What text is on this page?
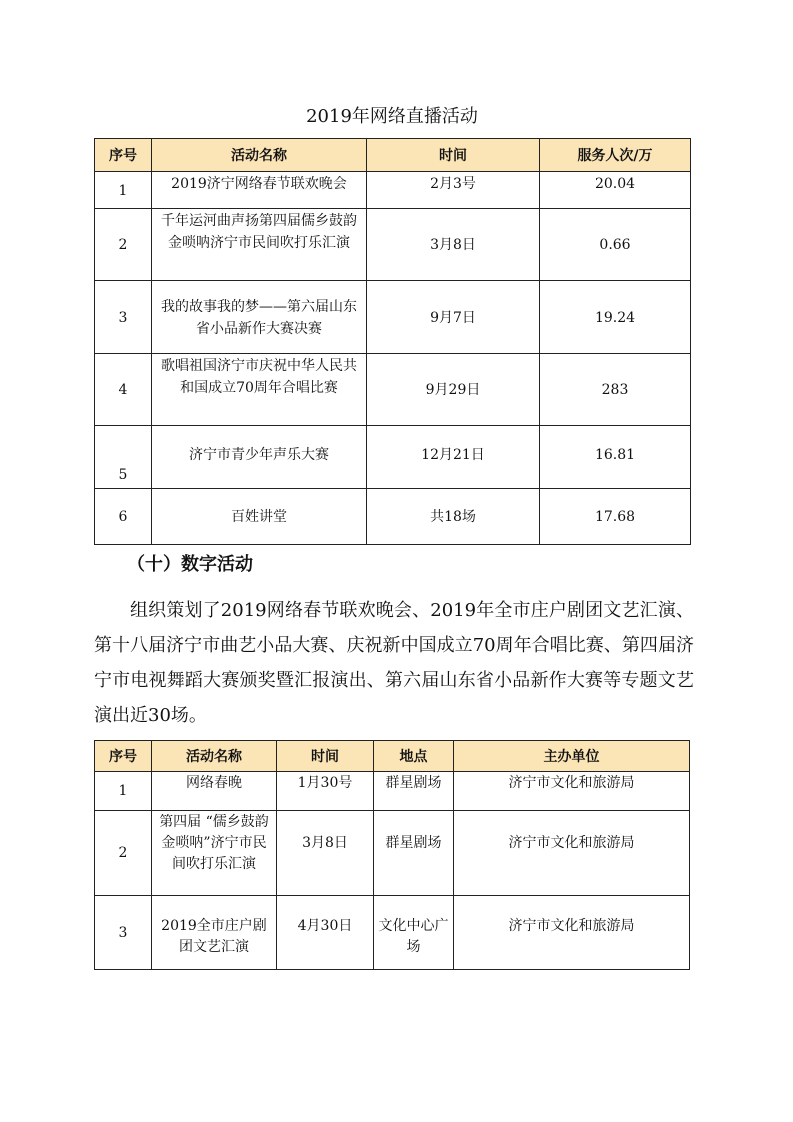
2019年网络直播活动
序号	活动名称	时间	服务人次/万
1	2019济宁网络春节联欢晚会	2月3号	20.04
2	千年运河曲声扬第四届儒乡鼓韵金唢呐济宁市民间吹打乐汇演	3月8日	0.66
3	我的故事我的梦——第六届山东省小品新作大赛决赛	9月7日	19.24
4	歌唱祖国济宁市庆祝中华人民共和国成立70周年合唱比赛	9月29日	283
5	济宁市青少年声乐大赛	12月21日	16.81
6	百姓讲堂	共18场	17.68
（十）数字活动
组织策划了2019网络春节联欢晚会、2019年全市庄户剧团文艺汇演、第十八届济宁市曲艺小品大赛、庆祝新中国成立70周年合唱比赛、第四届济宁市电视舞蹈大赛颁奖暨汇报演出、第六届山东省小品新作大赛等专题文艺演出近30场。
序号	活动名称	时间	地点	主办单位
1	网络春晚	1月30号	群星剧场	济宁市文化和旅游局
2	第四届 “儒乡鼓韵金唢呐”济宁市民间吹打乐汇演	3月8日	群星剧场	济宁市文化和旅游局
3	2019全市庄户剧团文艺汇演	4月30日	文化中心广场	济宁市文化和旅游局
